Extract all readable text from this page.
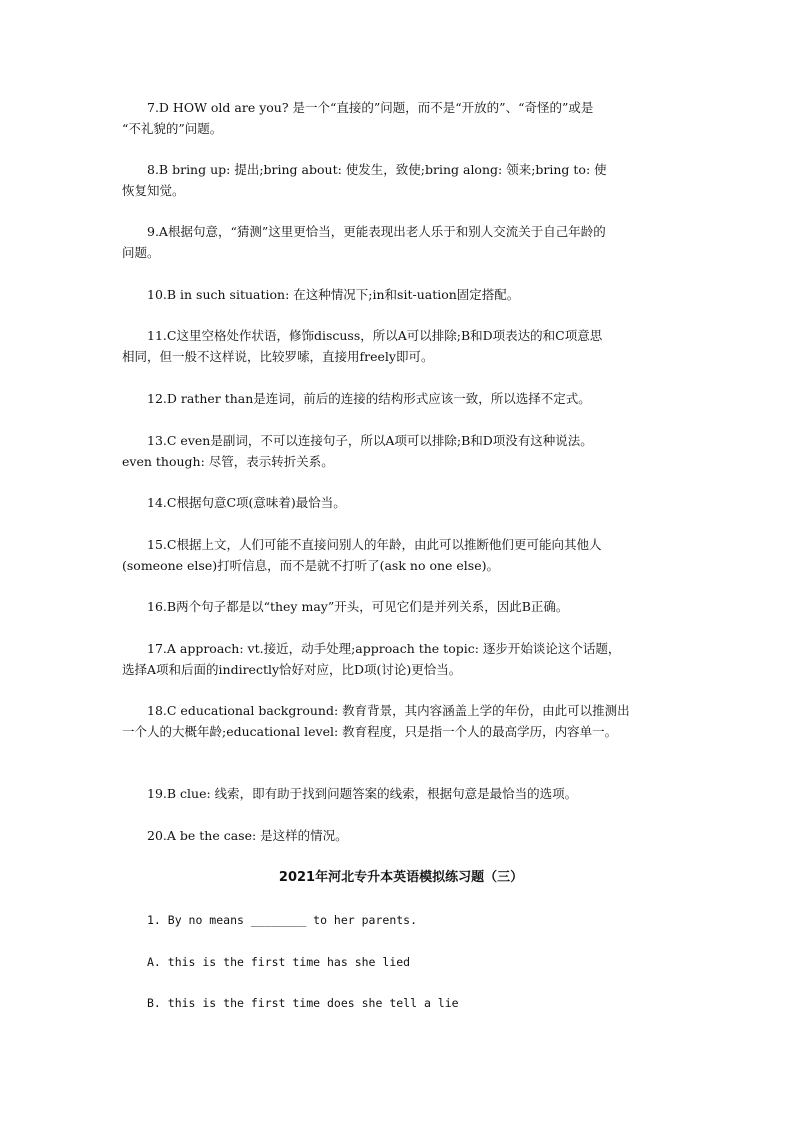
7.D HOW old are you? 是一个“直接的”问题，而不是“开放的”、“奇怪的”或是
“不礼貌的”问题。

8.B bring up: 提出;bring about: 使发生，致使;bring along: 领来;bring to: 使
恢复知觉。

9.A根据句意，“猜测”这里更恰当，更能表现出老人乐于和别人交流关于自己年龄的
问题。

10.B in such situation: 在这种情况下;in和sit-uation固定搭配。

11.C这里空格处作状语，修饰discuss，所以A可以排除;B和D项表达的和C项意思
相同，但一般不这样说，比较罗嗦，直接用freely即可。

12.D rather than是连词，前后的连接的结构形式应该一致，所以选择不定式。

13.C even是副词，不可以连接句子，所以A项可以排除;B和D项没有这种说法。
even though: 尽管，表示转折关系。

14.C根据句意C项(意味着)最恰当。

15.C根据上文，人们可能不直接问别人的年龄，由此可以推断他们更可能向其他人
(someone else)打听信息，而不是就不打听了(ask no one else)。

16.B两个句子都是以“they may”开头，可见它们是并列关系，因此B正确。

17.A approach: vt.接近，动手处理;approach the topic: 逐步开始谈论这个话题，
选择A项和后面的indirectly恰好对应，比D项(讨论)更恰当。

18.C educational background: 教育背景，其内容涵盖上学的年份，由此可以推测出
一个人的大概年龄;educational level: 教育程度，只是指一个人的最高学历，内容单一。

19.B clue: 线索，即有助于找到问题答案的线索，根据句意是最恰当的选项。

20.A be the case: 是这样的情况。

2021年河北专升本英语模拟练习题（三）

1. By no means ________ to her parents.

A. this is the first time has she lied

B. this is the first time does she tell a lie
